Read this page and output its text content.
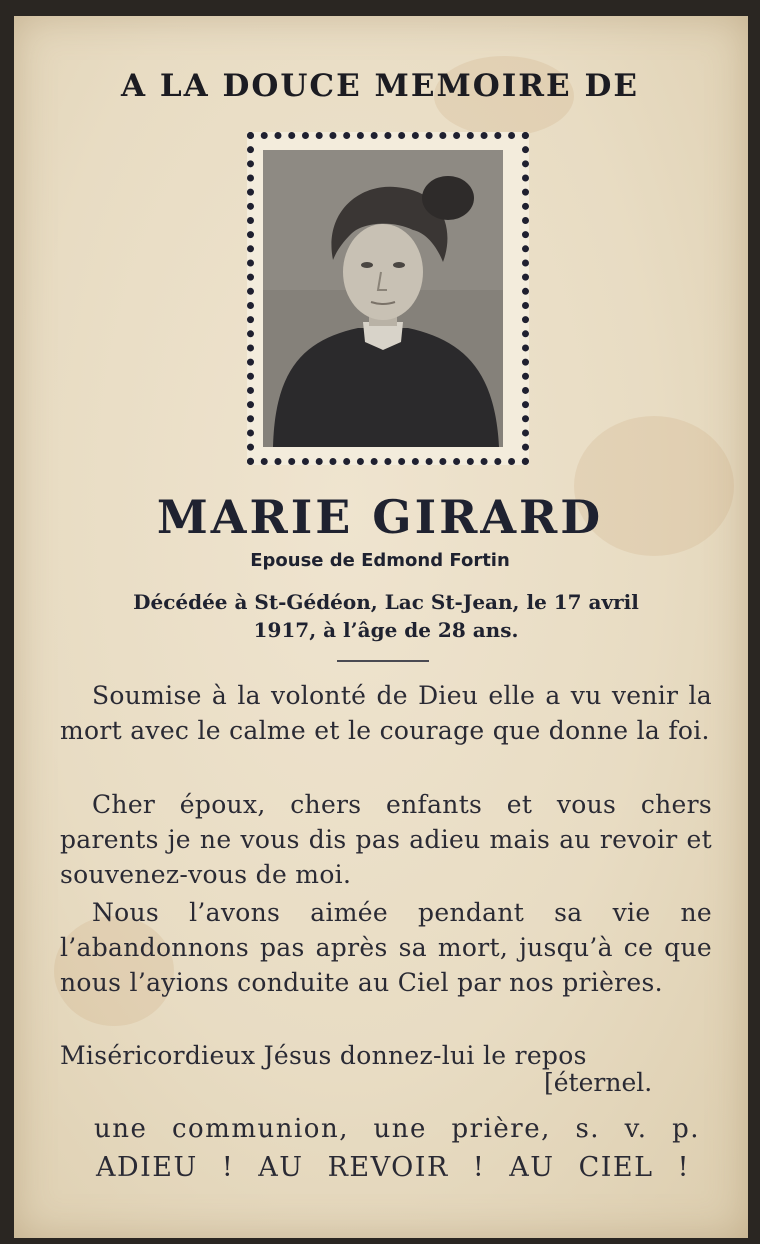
A LA DOUCE MEMOIRE DE
MARIE GIRARD
Epouse de Edmond Fortin
Décédée à St-Gédéon, Lac St-Jean, le 17 avril
1917, à l’âge de 28 ans.
Soumise à la volonté de Dieu elle a vu venir la mort avec le calme et le courage que donne la foi.
Cher époux, chers enfants et vous chers parents je ne vous dis pas adieu mais au revoir et souvenez-vous de moi.
Nous l’avons aimée pendant sa vie ne l’abandonnons pas après sa mort, jusqu’à ce que nous l’ayions conduite au Ciel par nos prières.
Miséricordieux Jésus donnez-lui le repos
[éternel.
une communion, une prière, s. v. p.
ADIEU ! AU REVOIR ! AU CIEL !
